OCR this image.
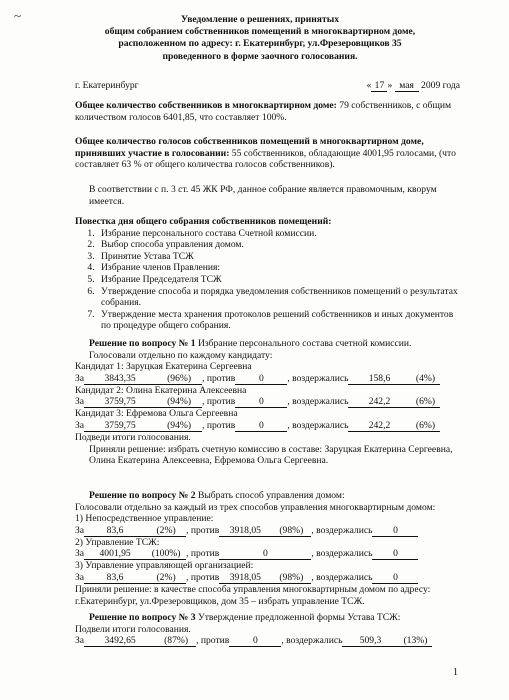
~	Уведомление о решениях, принятых
общим собранием собственников помещений в многоквартирном доме,
расположенном по адресу: г. Екатеринбург, ул.Фрезеровщиков 35
проведенного в форме заочного голосования.
г. Екатеринбург	« 17 » мая 2009 года
Общее количество собственников в многоквартирном доме: 79 собственников, с общим количеством голосов 6401,85, что составляет 100%.
Общее количество голосов собственников помещений в многоквартирном доме, принявших участие в голосовании: 55 собственников, обладающие 4001,95 голосами, (что составляет 63 % от общего количества голосов собственников).
В соответствии с п. 3 ст. 45 ЖК РФ, данное собрание является правомочным, кворум имеется.
Повестка дня общего собрания собственников помещений:
1. Избрание персонального состава Счетной комиссии.
2. Выбор способа управления домом.
3. Принятие Устава ТСЖ
4. Избрание членов Правления:
5. Избрание Председателя ТСЖ
6. Утверждение способа и порядка уведомления собственников помещений о результатах собрания.
7. Утверждение места хранения протоколов решений собственников и иных документов по процедуре общего собрания.
Решение по вопросу № 1 Избрание персонального состава счетной комиссии.
Голосовали отдельно по каждому кандидату:
Кандидат 1: Заруцкая Екатерина Сергеевна
За 3843,35	(96%) , против 0 , воздержались 158,6	(4%)
Кандидат 2: Олина Екатерина Алексеевна
За 3759,75	(94%) , против 0 , воздержались 242,2	(6%)
Кандидат 3: Ефремова Ольга Сергеевна
За 3759,75	(94%) , против 0 , воздержались 242,2	(6%)
Подведи итоги голосования.
Приняли решение: избрать счетную комиссию в составе: Заруцкая Екатерина Сергеевна, Олина Екатерина Алексеевна, Ефремова Ольга Сергеевна.
Решение по вопросу № 2 Выбрать способ управления домом:
Голосовали отдельно за каждый из трех способов управления многоквартирным домом:
1) Непосредственное управление:
За 83,6	(2%) , против 3918,05 (98%) , воздержались 0
2) Управление ТСЖ:
За 4001,95 (100%) , против	0	, воздержались 0
3) Управление управляющей организацией:
За 83,6	(2%) , против 3918,05 (98%) , воздержались 0
Приняли решение: в качестве способа управления многоквартирным домом по адресу: г.Екатеринбург, ул.Фрезеровщиков, дом 35 – избрать управление ТСЖ.
Решение по вопросу № 3 Утверждение предложенной формы Устава ТСЖ:
Подвели итоги голосования.
За 3492,65	(87%) , против 0 , воздержались 509,3 (13%)
1
